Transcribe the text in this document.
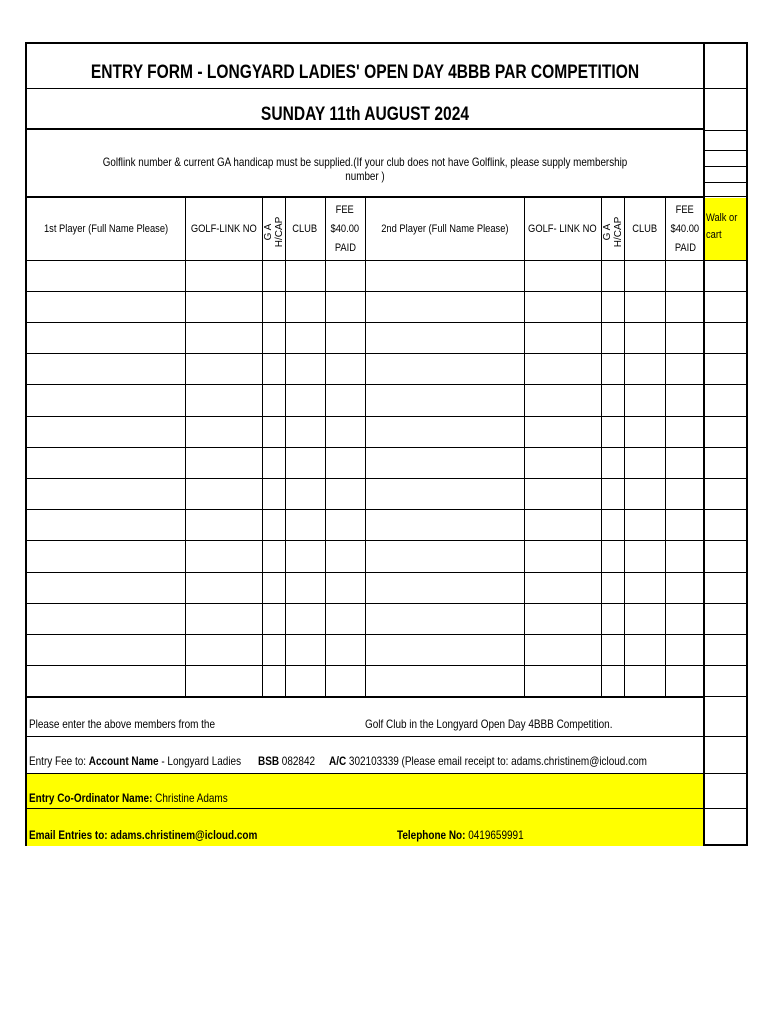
ENTRY FORM - LONGYARD LADIES' OPEN DAY 4BBB PAR COMPETITION
SUNDAY 11th AUGUST 2024
Golflink number & current GA handicap must be supplied.(If your club does not have Golflink, please supply membership number )
1st Player (Full Name Please) GOLF-LINK NO G A H/CAP CLUB
FEE
$40.00
PAID
2nd Player (Full Name Please) GOLF- LINK NO G A H/CAP CLUB
FEE
$40.00
PAID
Please enter the above members from the	Golf Club in the Longyard Open Day 4BBB Competition.
Entry Fee to: Account Name - Longyard Ladies BSB 082842 A/C 302103339 (Please email receipt to: adams.christinem@icloud.com
Entry Co-Ordinator Name: Christine Adams
Email Entries to: adams.christinem@icloud.com	Telephone No: 0419659991
Walk or
cart
